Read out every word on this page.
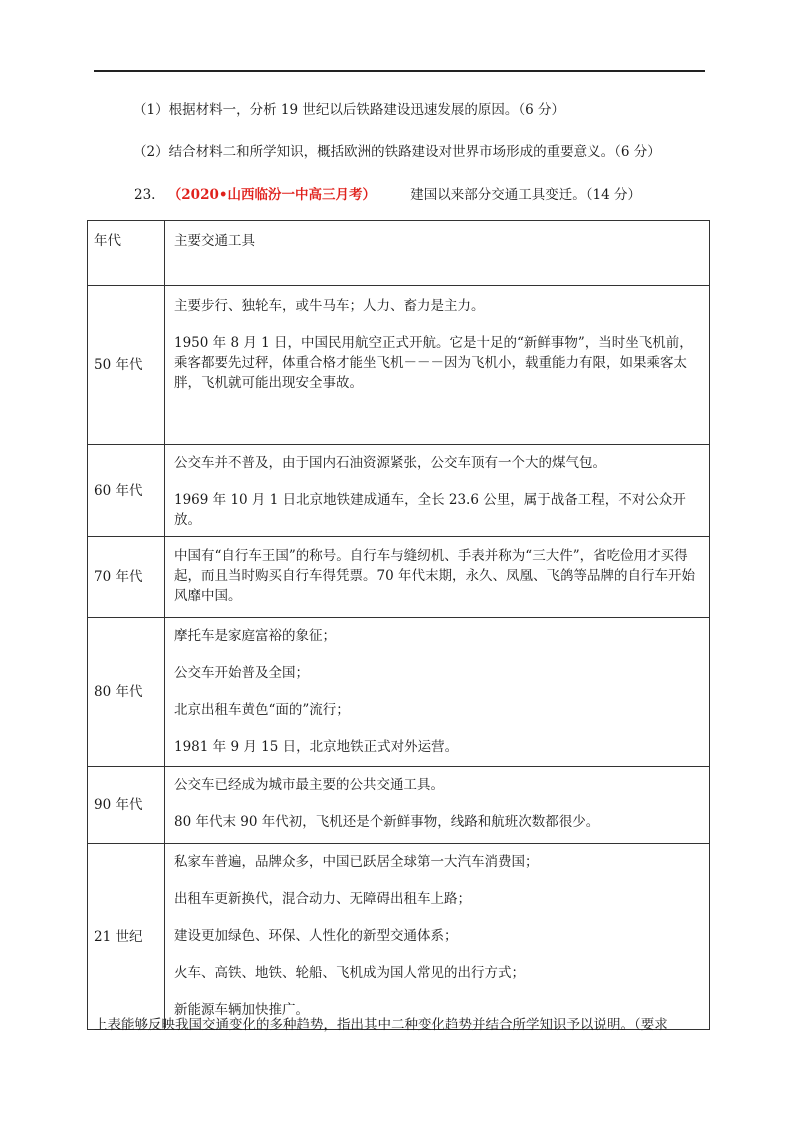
（1）根据材料一，分析 19 世纪以后铁路建设迅速发展的原因。（6 分）
（2）结合材料二和所学知识，概括欧洲的铁路建设对世界市场形成的重要意义。（6 分）
23. （2020•山西临汾一中高三月考）	建国以来部分交通工具变迁。（14 分）
年代	主要交通工具
50 年代	主要步行、独轮车，或牛马车；人力、畜力是主力。

1950 年 8 月 1 日，中国民用航空正式开航。它是十足的“新鲜事物”，当时坐飞机前，乘客都要先过秤，体重合格才能坐飞机－－－因为飞机小，载重能力有限，如果乘客太胖，飞机就可能出现安全事故。

60 年代	公交车并不普及，由于国内石油资源紧张，公交车顶有一个大的煤气包。

1969 年 10 月 1 日北京地铁建成通车，全长 23.6 公里，属于战备工程，不对公众开放。

70 年代	中国有“自行车王国”的称号。自行车与缝纫机、手表并称为“三大件”，省吃俭用才买得起，而且当时购买自行车得凭票。70 年代末期，永久、凤凰、飞鸽等品牌的自行车开始风靡中国。

80 年代	摩托车是家庭富裕的象征；

公交车开始普及全国；

北京出租车黄色“面的”流行；

1981 年 9 月 15 日，北京地铁正式对外运营。

90 年代	公交车已经成为城市最主要的公共交通工具。

80 年代末 90 年代初，飞机还是个新鲜事物，线路和航班次数都很少。

21 世纪	私家车普遍，品牌众多，中国已跃居全球第一大汽车消费国；

出租车更新换代，混合动力、无障碍出租车上路；

建设更加绿色、环保、人性化的新型交通体系；

火车、高铁、地铁、轮船、飞机成为国人常见的出行方式；

新能源车辆加快推广。

上表能够反映我国交通变化的多种趋势，指出其中二种变化趋势并结合所学知识予以说明。（要求
